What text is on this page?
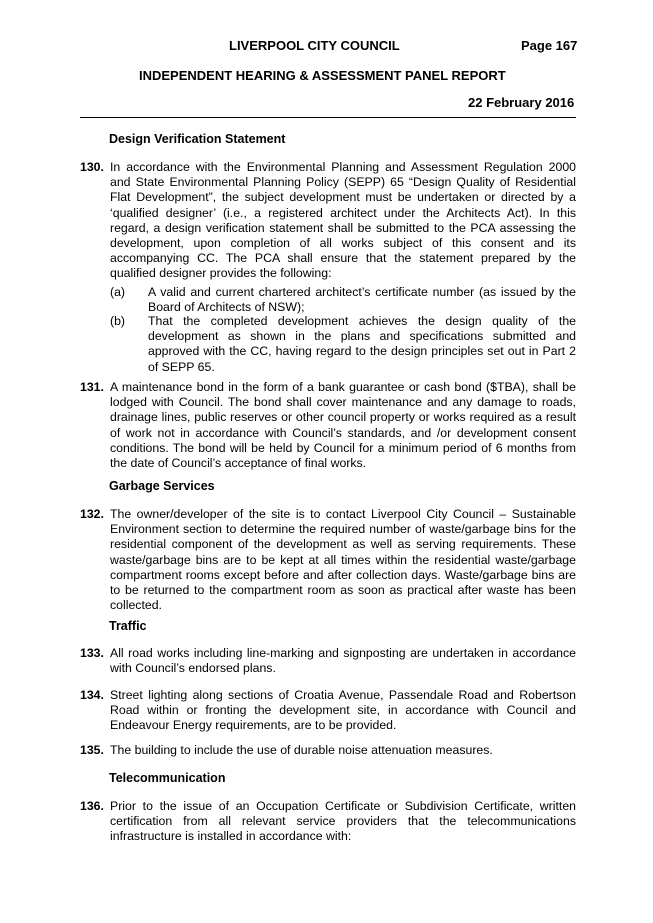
LIVERPOOL CITY COUNCIL	Page 167
INDEPENDENT HEARING & ASSESSMENT PANEL REPORT
22 February 2016
Design Verification Statement
130. In accordance with the Environmental Planning and Assessment Regulation 2000 and State Environmental Planning Policy (SEPP) 65 “Design Quality of Residential Flat Development”, the subject development must be undertaken or directed by a ‘qualified designer’ (i.e., a registered architect under the Architects Act). In this regard, a design verification statement shall be submitted to the PCA assessing the development, upon completion of all works subject of this consent and its accompanying CC. The PCA shall ensure that the statement prepared by the qualified designer provides the following:
(a)	A valid and current chartered architect’s certificate number (as issued by the Board of Architects of NSW);
(b)	That the completed development achieves the design quality of the development as shown in the plans and specifications submitted and approved with the CC, having regard to the design principles set out in Part 2 of SEPP 65.
131. A maintenance bond in the form of a bank guarantee or cash bond ($TBA), shall be lodged with Council. The bond shall cover maintenance and any damage to roads, drainage lines, public reserves or other council property or works required as a result of work not in accordance with Council’s standards, and /or development consent conditions. The bond will be held by Council for a minimum period of 6 months from the date of Council’s acceptance of final works.
Garbage Services
132. The owner/developer of the site is to contact Liverpool City Council – Sustainable Environment section to determine the required number of waste/garbage bins for the residential component of the development as well as serving requirements. These waste/garbage bins are to be kept at all times within the residential waste/garbage compartment rooms except before and after collection days. Waste/garbage bins are to be returned to the compartment room as soon as practical after waste has been collected.
Traffic
133. All road works including line-marking and signposting are undertaken in accordance with Council’s endorsed plans.
134. Street lighting along sections of Croatia Avenue, Passendale Road and Robertson Road within or fronting the development site, in accordance with Council and Endeavour Energy requirements, are to be provided.
135. The building to include the use of durable noise attenuation measures.
Telecommunication
136. Prior to the issue of an Occupation Certificate or Subdivision Certificate, written certification from all relevant service providers that the telecommunications infrastructure is installed in accordance with:
